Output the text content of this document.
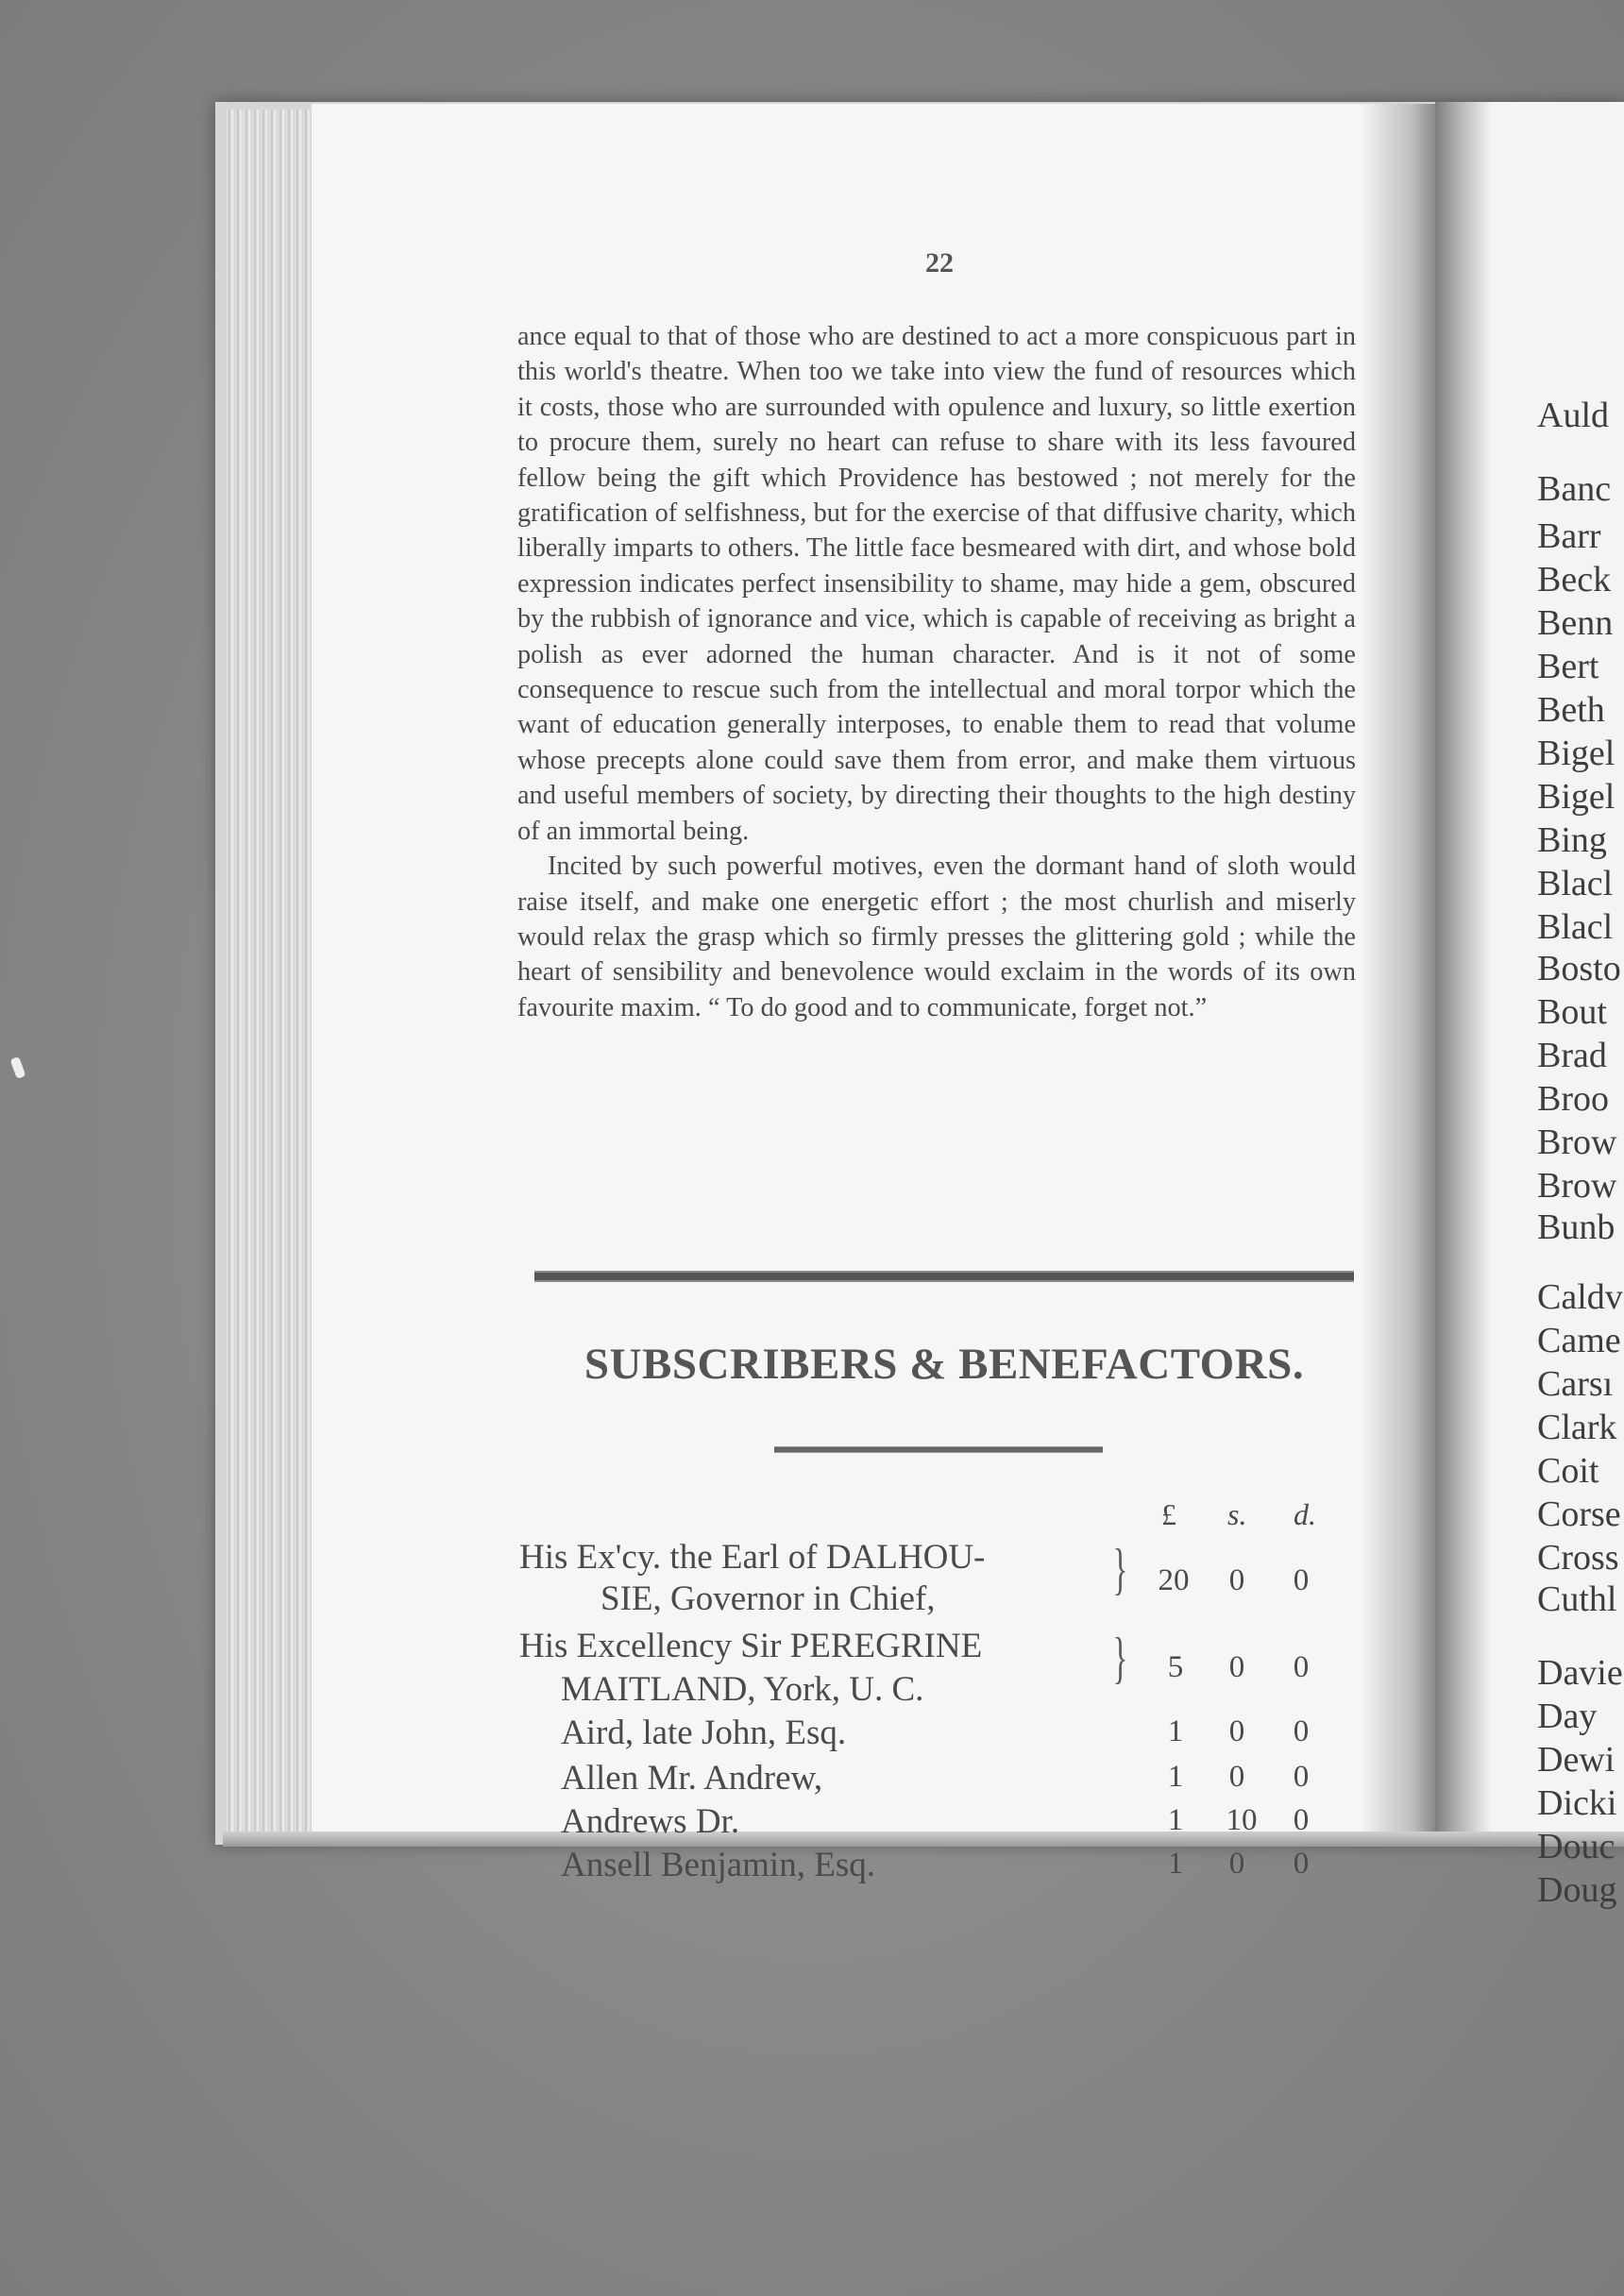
22

ance equal to that of those who are destined to act a more conspicuous part in this world's theatre. When too we take into view the fund of resources which it costs, those who are surrounded with opulence and luxury, so little exertion to procure them, surely no heart can refuse to share with its less favoured fellow being the gift which Providence has bestowed ; not merely for the gratification of selfishness, but for the exercise of that diffusive charity, which liberally imparts to others. The little face besmeared with dirt, and whose bold expression indicates perfect insensibility to shame, may hide a gem, obscured by the rubbish of ignorance and vice, which is capable of receiving as bright a polish as ever adorned the human character. And is it not of some consequence to rescue such from the intellectual and moral torpor which the want of education generally interposes, to enable them to read that volume whose precepts alone could save them from error, and make them virtuous and useful members of society, by directing their thoughts to the high destiny of an immortal being.

Incited by such powerful motives, even the dormant hand of sloth would raise itself, and make one energetic effort ; the most churlish and miserly would relax the grasp which so firmly presses the glittering gold ; while the heart of sensibility and benevolence would exclaim in the words of its own favourite maxim. “ To do good and to communicate, forget not.”

SUBSCRIBERS & BENEFACTORS.
£ s. d.
His Ex'cy. the Earl of DALHOU-
SIE, Governor in Chief,	} 20	0	0
His Excellency Sir PEREGRINE
MAITLAND, York, U. C.
}	5	0	0
Aird, late John, Esq.	1	0	0
Allen Mr. Andrew,	1	0	0
Andrews Dr.	1	10	0
Ansell Benjamin, Esq.	1	0	0
Auld
Banc
Barr
Beck
Benn
Bert
Beth
Bigel
Bigel
Bing
Blacl
Blacl
Bosto
Bout
Brad
Broo
Brow
Brow
Bunb
Caldv
Came
Carsı
Clark
Coit
Corse
Cross
Cuthl
Davie
Day
Dewi
Dicki
Douc
Doug
